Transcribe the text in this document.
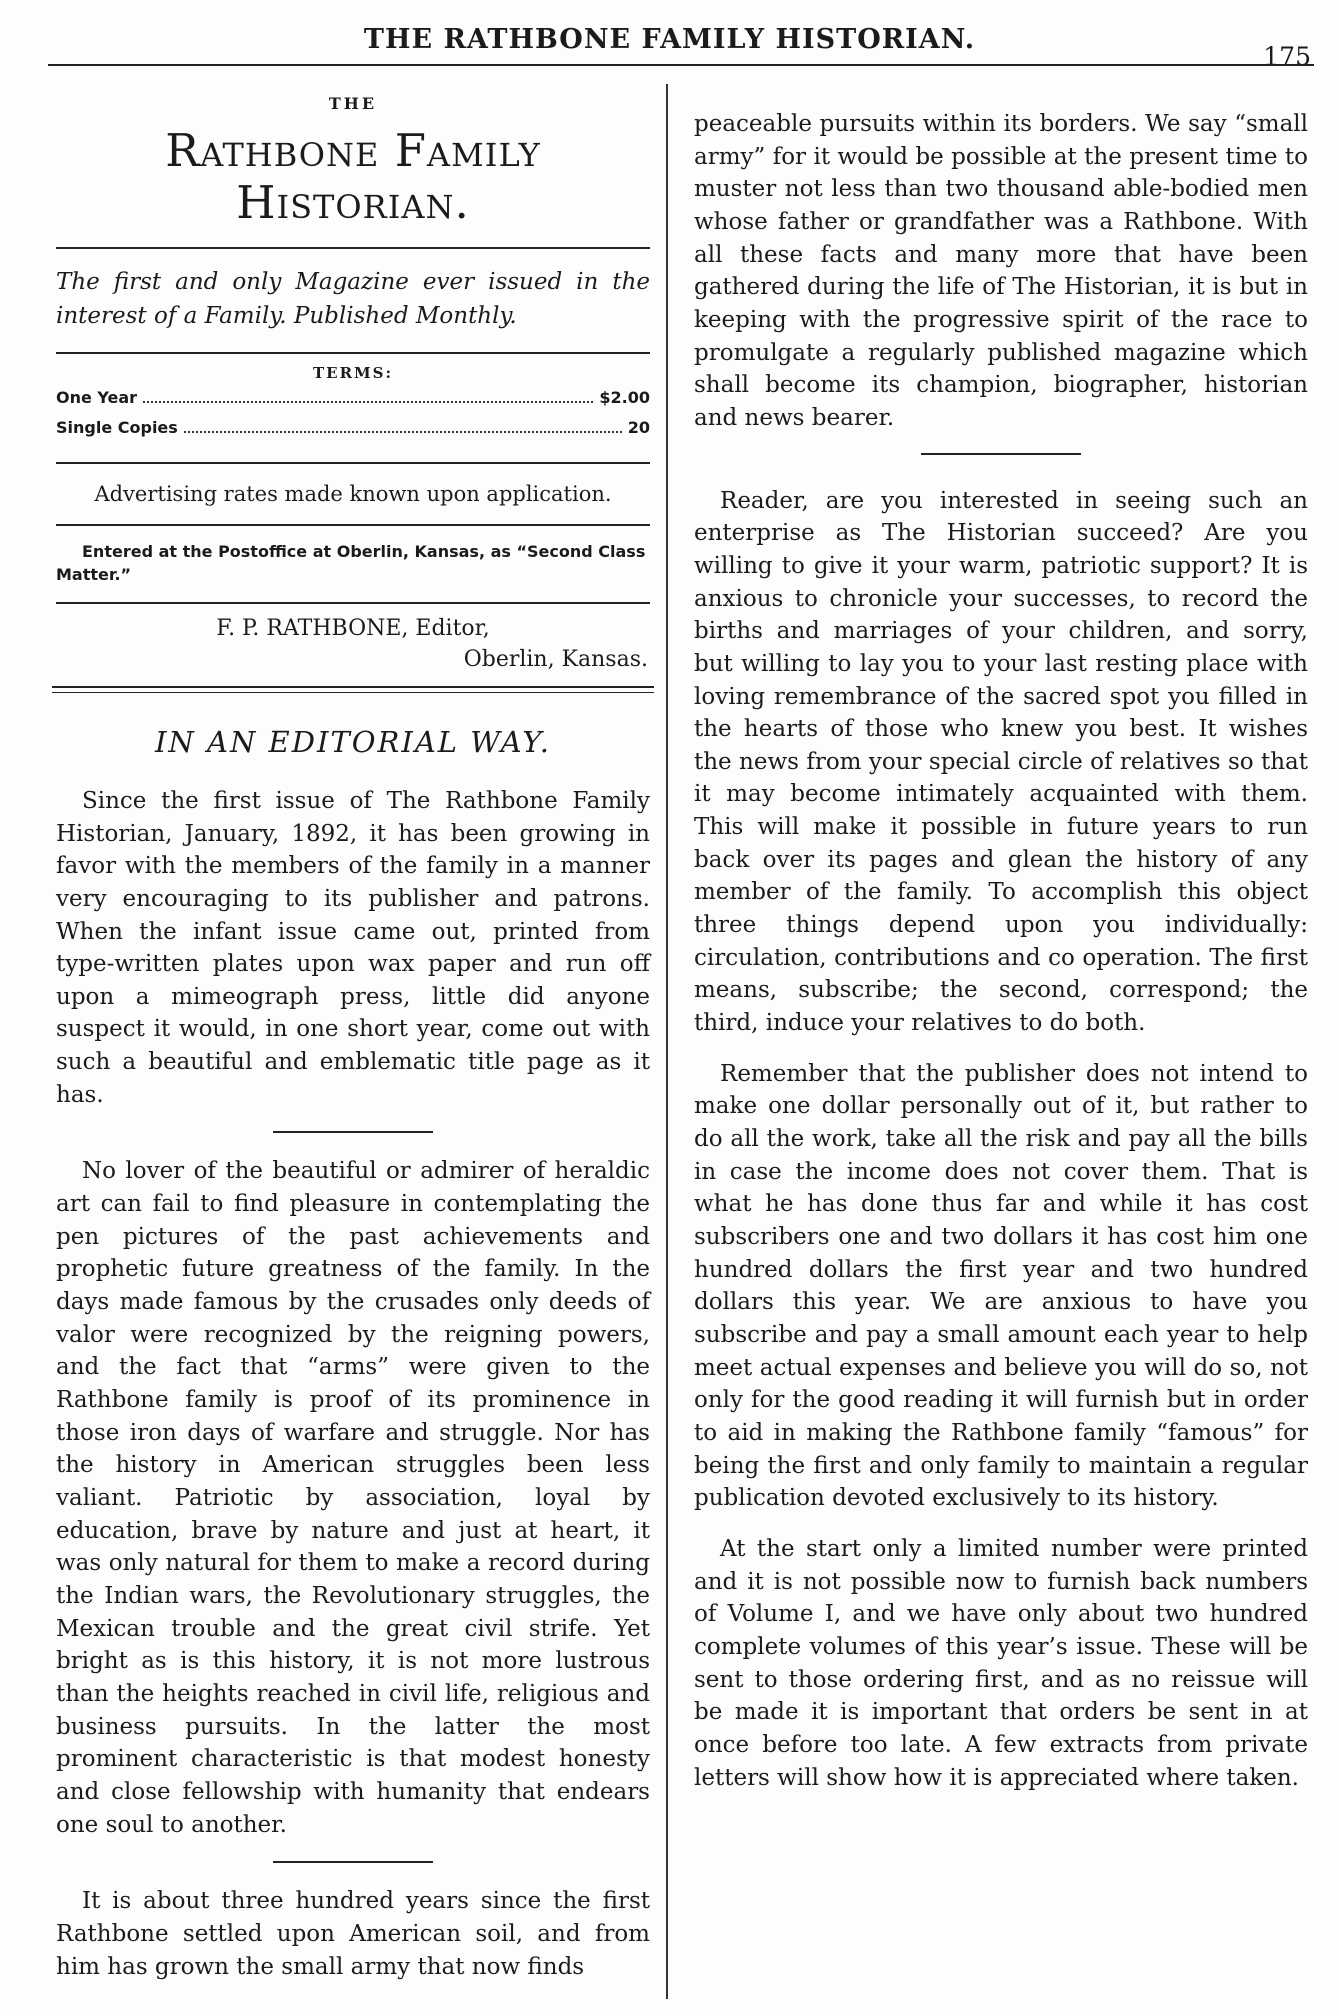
THE RATHBONE FAMILY HISTORIAN.
175
THE
Rathbone Family Historian.
The first and only Magazine ever issued in the interest of a Family. Published Monthly.
TERMS:
One Year	$2.00
Single Copies	20
Advertising rates made known upon application.
Entered at the Postoffice at Oberlin, Kansas, as “Second Class Matter.”
F. P. RATHBONE, Editor,
Oberlin, Kansas.
IN AN EDITORIAL WAY.

Since the first issue of The Rathbone Family Historian, January, 1892, it has been growing in favor with the members of the family in a manner very encouraging to its publisher and patrons. When the infant issue came out, printed from type-written plates upon wax paper and run off upon a mimeograph press, little did anyone suspect it would, in one short year, come out with such a beautiful and emblematic title page as it has.

No lover of the beautiful or admirer of heraldic art can fail to find pleasure in contemplating the pen pictures of the past achievements and prophetic future greatness of the family. In the days made famous by the crusades only deeds of valor were recognized by the reigning powers, and the fact that “arms” were given to the Rathbone family is proof of its prominence in those iron days of warfare and struggle. Nor has the history in American struggles been less valiant. Patriotic by association, loyal by education, brave by nature and just at heart, it was only natural for them to make a record during the Indian wars, the Revolutionary struggles, the Mexican trouble and the great civil strife. Yet bright as is this history, it is not more lustrous than the heights reached in civil life, religious and business pursuits. In the latter the most prominent characteristic is that modest honesty and close fellowship with humanity that endears one soul to another.

It is about three hundred years since the first Rathbone settled upon American soil, and from him has grown the small army that now finds

peaceable pursuits within its borders. We say “small army” for it would be possible at the present time to muster not less than two thousand able-bodied men whose father or grandfather was a Rathbone. With all these facts and many more that have been gathered during the life of The Historian, it is but in keeping with the progressive spirit of the race to promulgate a regularly published magazine which shall become its champion, biographer, historian and news bearer.

Reader, are you interested in seeing such an enterprise as The Historian succeed? Are you willing to give it your warm, patriotic support? It is anxious to chronicle your successes, to record the births and marriages of your children, and sorry, but willing to lay you to your last resting place with loving remembrance of the sacred spot you filled in the hearts of those who knew you best. It wishes the news from your special circle of relatives so that it may become intimately acquainted with them. This will make it possible in future years to run back over its pages and glean the history of any member of the family. To accomplish this object three things depend upon you individually: circulation, contributions and co operation. The first means, subscribe; the second, correspond; the third, induce your relatives to do both.

Remember that the publisher does not intend to make one dollar personally out of it, but rather to do all the work, take all the risk and pay all the bills in case the income does not cover them. That is what he has done thus far and while it has cost subscribers one and two dollars it has cost him one hundred dollars the first year and two hundred dollars this year. We are anxious to have you subscribe and pay a small amount each year to help meet actual expenses and believe you will do so, not only for the good reading it will furnish but in order to aid in making the Rathbone family “famous” for being the first and only family to maintain a regular publication devoted exclusively to its history.

At the start only a limited number were printed and it is not possible now to furnish back numbers of Volume I, and we have only about two hundred complete volumes of this year’s issue. These will be sent to those ordering first, and as no reissue will be made it is important that orders be sent in at once before too late. A few extracts from private letters will show how it is appreciated where taken.
